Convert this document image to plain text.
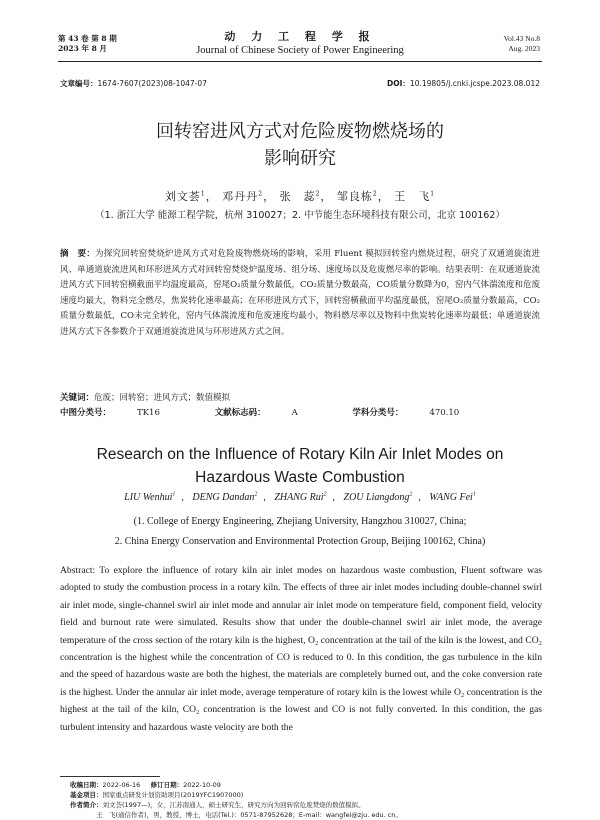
第 43 卷 第 8 期
2023 年 8 月
动 力 工 程 学 报
Journal of Chinese Society of Power Engineering
Vol.43 No.8
Aug. 2023
文章编号：1674-7607(2023)08-1047-07	DOI：10.19805/j.cnki.jcspe.2023.08.012
回转窑进风方式对危险废物燃烧场的
影响研究
刘文荟$^1$， 邓丹丹$^2$， 张　蕊$^2$， 邹良栋$^2$， 王　飞$^1$
（1. 浙江大学 能源工程学院，杭州 310027；2. 中节能生态环境科技有限公司，北京 100162）
摘　要：为探究回转窑焚烧炉进风方式对危险废物燃烧场的影响，采用 Fluent 模拟回转窑内燃烧过程，研究了双通道旋流进风、单通道旋流进风和环形进风方式对回转窑焚烧炉温度场、组分场、速度场以及危废燃尽率的影响。结果表明：在双通道旋流进风方式下回转窑横截面平均温度最高，窑尾O₂质量分数最低，CO₂质量分数最高，CO质量分数降为0，窑内气体湍流度和危废速度均最大，物料完全燃尽，焦炭转化速率最高；在环形进风方式下，回转窑横截面平均温度最低，窑尾O₂质量分数最高，CO₂质量分数最低，CO未完全转化，窑内气体湍流度和危废速度均最小，物料燃尽率以及物料中焦炭转化速率均最低；单通道旋流进风方式下各参数介于双通道旋流进风与环形进风方式之间。
关键词：危废；回转窑；进风方式；数值模拟
中图分类号：	TK16	文献标志码：	A	学科分类号：	470.10
Research on the Influence of Rotary Kiln Air Inlet Modes on
Hazardous Waste Combustion
LIU Wenhui$^1$ , DENG Dandan$^2$ , ZHANG Rui$^2$ , ZOU Liangdong$^2$ , WANG Fei$^1$
(1. College of Energy Engineering, Zhejiang University, Hangzhou 310027, China;
2. China Energy Conservation and Environmental Protection Group, Beijing 100162, China)
Abstract: To explore the influence of rotary kiln air inlet modes on hazardous waste combustion, Fluent software was adopted to study the combustion process in a rotary kiln. The effects of three air inlet modes including double-channel swirl air inlet mode, single-channel swirl air inlet mode and annular air inlet mode on temperature field, component field, velocity field and burnout rate were simulated. Results show that under the double-channel swirl air inlet mode, the average temperature of the cross section of the rotary kiln is the highest, O₂ concentration at the tail of the kiln is the lowest, and CO₂ concentration is the highest while the concentration of CO is reduced to 0. In this condition, the gas turbulence in the kiln and the speed of hazardous waste are both the highest, the materials are completely burned out, and the coke conversion rate is the highest. Under the annular air inlet mode, average temperature of rotary kiln is the lowest while O₂ concentration is the highest at the tail of the kiln, CO₂ concentration is the lowest and CO is not fully converted. In this condition, the gas turbulent intensity and hazardous waste velocity are both the
收稿日期：2022-06-16 修订日期：2022-10-09
基金项目：国家重点研发计划资助项目(2019YFC1907000)
作者简介：刘文荟(1997—)，女，江苏南通人，硕士研究生，研究方向为回转窑危废焚烧的数值模拟。
王　飞(通信作者)，男，教授，博士，电话(Tel.)：0571-87952628；E-mail：wangfei@zju. edu. cn。
